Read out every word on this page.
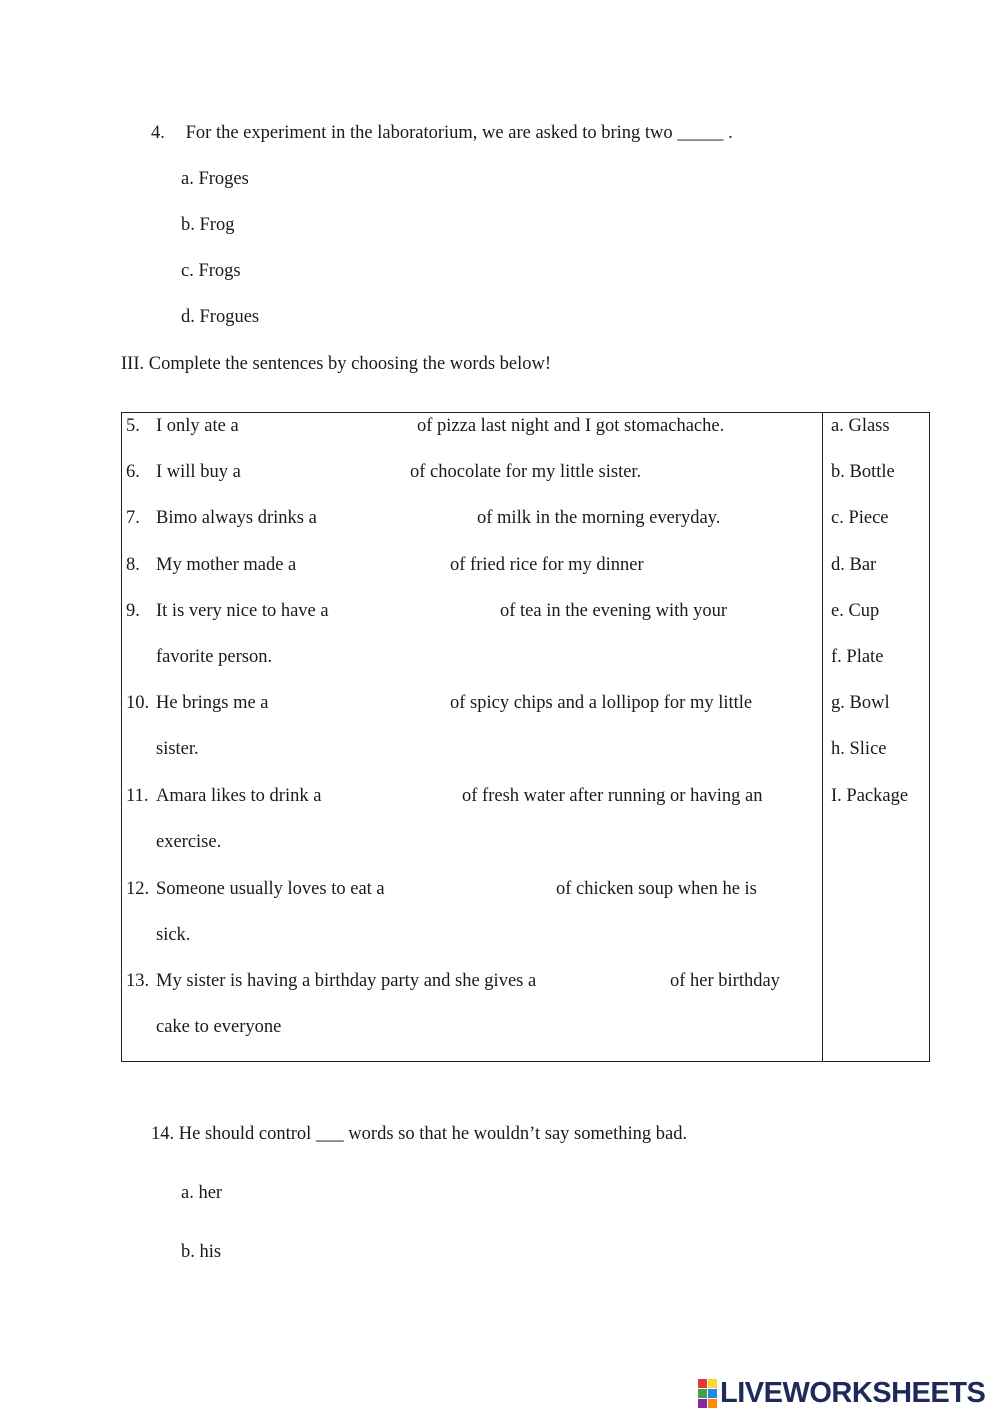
4. For the experiment in the laboratorium, we are asked to bring two _____ .
a. Froges
b. Frog
c. Frogs
d. Frogues
III. Complete the sentences by choosing the words below!
5. I only ate a	of pizza last night and I got stomachache.
6. I will buy a	of chocolate for my little sister.
7. Bimo always drinks a	of milk in the morning everyday.
8. My mother made a	of fried rice for my dinner
9. It is very nice to have a	of tea in the evening with your
favorite person.
10. He brings me a	of spicy chips and a lollipop for my little
sister.
11. Amara likes to drink a	of fresh water after running or having an
exercise.
12. Someone usually loves to eat a	of chicken soup when he is
sick.
13. My sister is having a birthday party and she gives a	of her birthday
cake to everyone
a. Glass
b. Bottle
c. Piece
d. Bar
e. Cup
f. Plate
g. Bowl
h. Slice
I. Package
14. He should control ___ words so that he wouldn’t say something bad.
a. her
b. his
LIVEWORKSHEETS
